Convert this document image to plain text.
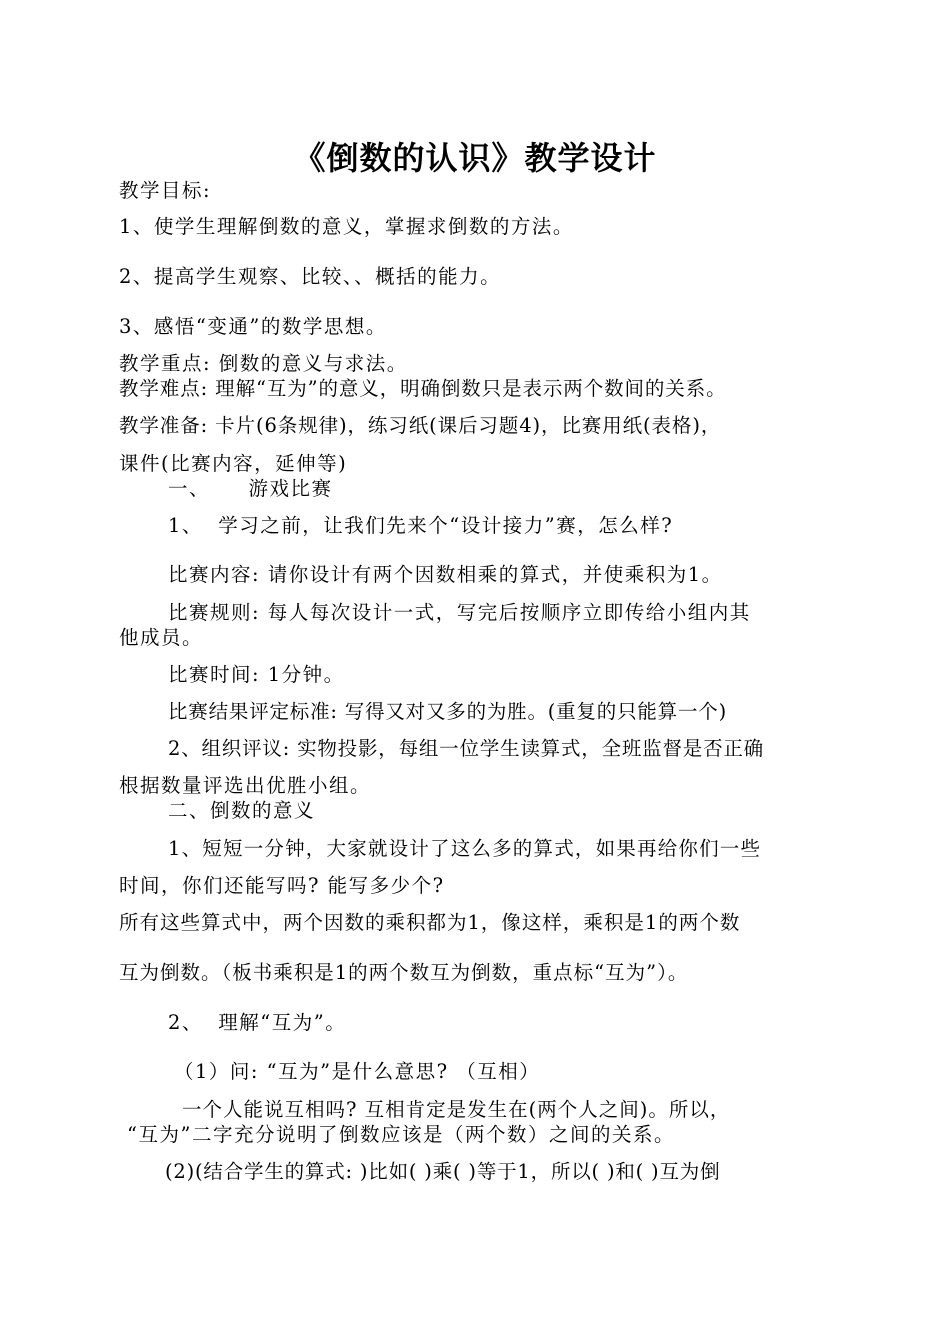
《倒数的认识》教学设计

教学目标:

1、使学生理解倒数的意义，掌握求倒数的方法。

2、提高学生观察、比较、、概括的能力。

3、感悟“变通”的数学思想。

教学重点: 倒数的意义与求法。

教学难点: 理解“互为”的意义，明确倒数只是表示两个数间的关系。

教学准备: 卡片(6条规律)，练习纸(课后习题4)，比赛用纸(表格)，

课件(比赛内容，延伸等)

一、     游戏比赛

1、  学习之前，让我们先来个“设计接力”赛，怎么样?

比赛内容: 请你设计有两个因数相乘的算式，并使乘积为1。

比赛规则: 每人每次设计一式，写完后按顺序立即传给小组内其

他成员。

比赛时间: 1分钟。

比赛结果评定标准: 写得又对又多的为胜。(重复的只能算一个)

2、组织评议: 实物投影，每组一位学生读算式，全班监督是否正确

根据数量评选出优胜小组。

二、倒数的意义

1、短短一分钟，大家就设计了这么多的算式，如果再给你们一些

时间，你们还能写吗? 能写多少个?

所有这些算式中，两个因数的乘积都为1，像这样，乘积是1的两个数

互为倒数。（板书乘积是1的两个数互为倒数，重点标“互为”）。

2、  理解“互为”。

（1）问: “互为”是什么意思? （互相）

一个人能说互相吗? 互相肯定是发生在(两个人之间)。所以，

“互为”二字充分说明了倒数应该是（两个数）之间的关系。

(2)(结合学生的算式: )比如( )乘( )等于1，所以( )和( )互为倒
